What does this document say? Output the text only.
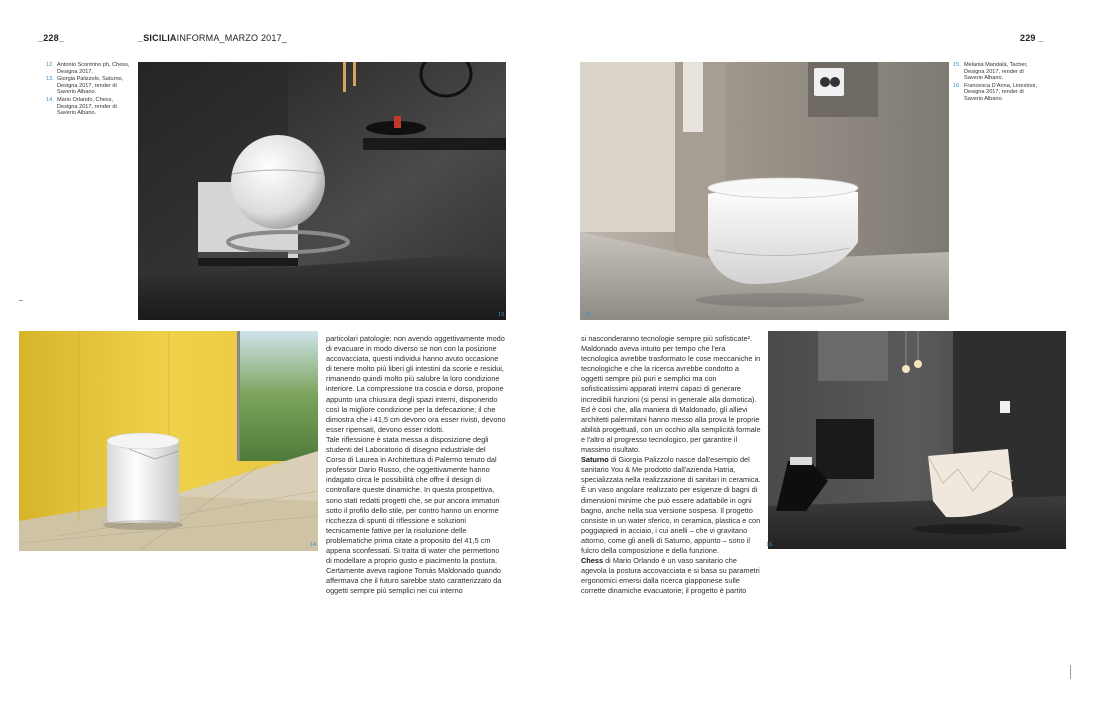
_228_	_SICILIAINFORMA_MARZO 2017_	229 _
12. Antonio Scontrino ph, Chess, Designa 2017.
13. Giorgia Palizzolo, Saturno, Designa 2017, render di Saverio Albano.
14. Mario Orlando, Chess, Designa 2017, render di Saverio Albano.
15. Melania Mandalà, Tacher, Designa 2017, render di Saverio Albano.
16. Francesca D'Anna, Linextooi, Designa 2017, render di Saverio Albano.
13.
14.
15.
16.

particolari patologie: non avendo oggettivamente modo di evacuare in modo diverso se non con la posizione accovacciata, questi individui hanno avuto occasione di tenere molto più liberi gli intestini da scorie e residui, rimanendo quindi molto più salubre la loro condizione interiore. La compressione tra coscia e dorso, propone appunto una chiusura degli spazi interni, disponendo così la migliore condizione per la defecazione; il che dimostra che i 41,5 cm devono ora esser rivisti, devono esser ripensati, devono esser ridotti.

Tale riflessione è stata messa a disposizione degli studenti del Laboratorio di disegno industriale del Corso di Laurea in Architettura di Palermo tenuto dal professor Dario Russo, che oggettivamente hanno indagato circa le possibilità che offre il design di controllare queste dinamiche. In questa prospettiva, sono stati redatti progetti che, se pur ancora immaturi sotto il profilo dello stile, per contro hanno un enorme ricchezza di spunti di riflessione e soluzioni tecnicamente fattive per la risoluzione delle problematiche prima citate a proposito del 41,5 cm appena sconfessati. Si tratta di water che permettono di modellare a proprio gusto e piacimento la postura. Certamente aveva ragione Tomás Maldonado quando affermava che il futuro sarebbe stato caratterizzato da oggetti sempre più semplici nei cui interno

si nasconderanno tecnologie sempre più sofisticate². Maldonado aveva intuito per tempo che l'era tecnologica avrebbe trasformato le cose meccaniche in tecnologiche e che la ricerca avrebbe condotto a oggetti sempre più puri e semplici ma con sofisticatissimi apparati interni capaci di generare incredibili funzioni (si pensi in generale alla domotica).

Ed è così che, alla maniera di Maldonado, gli allievi architetti palermitani hanno messo alla prova le proprie abilità progettuali, con un occhio alla semplicità formale e l'altro al progresso tecnologico, per garantire il massimo risultato.

Saturno di Giorgia Palizzolo nasce dall'esempio del sanitario You & Me prodotto dall'azienda Hatria, specializzata nella realizzazione di sanitari in ceramica. È un vaso angolare realizzato per esigenze di bagni di dimensioni minime che può essere adattabile in ogni bagno, anche nella sua versione sospesa. Il progetto consiste in un water sferico, in ceramica, plastica e con poggiapiedi in acciaio, i cui anelli – che vi gravitano attorno, come gli anelli di Saturno, appunto – sono il fulcro della composizione e della funzione.

Chess di Mario Orlando è un vaso sanitario che agevola la postura accovacciata e si basa su parametri ergonomici emersi dalla ricerca giapponese sulle corrette dinamiche evacuatorie; il progetto è partito
